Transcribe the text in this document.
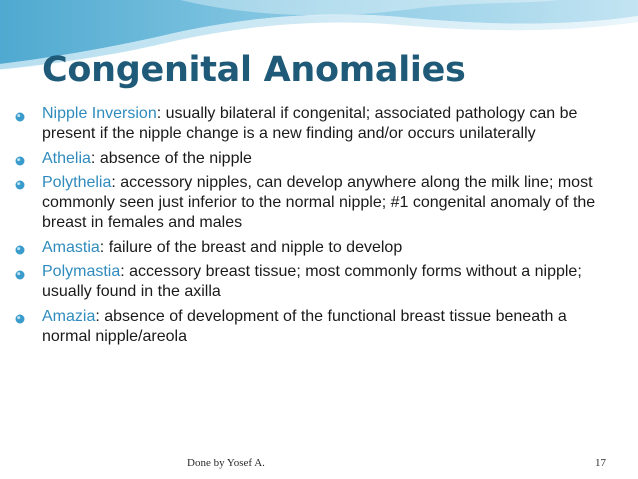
Congenital Anomalies
Nipple Inversion: usually bilateral if congenital; associated pathology can be present if the nipple change is a new finding and/or occurs unilaterally
Athelia: absence of the nipple
Polythelia: accessory nipples, can develop anywhere along the milk line; most commonly seen just inferior to the normal nipple; #1 congenital anomaly of the breast in females and males
Amastia: failure of the breast and nipple to develop
Polymastia: accessory breast tissue; most commonly forms without a nipple; usually found in the axilla
Amazia: absence of development of the functional breast tissue beneath a normal nipple/areola
Done by Yosef A.	17
